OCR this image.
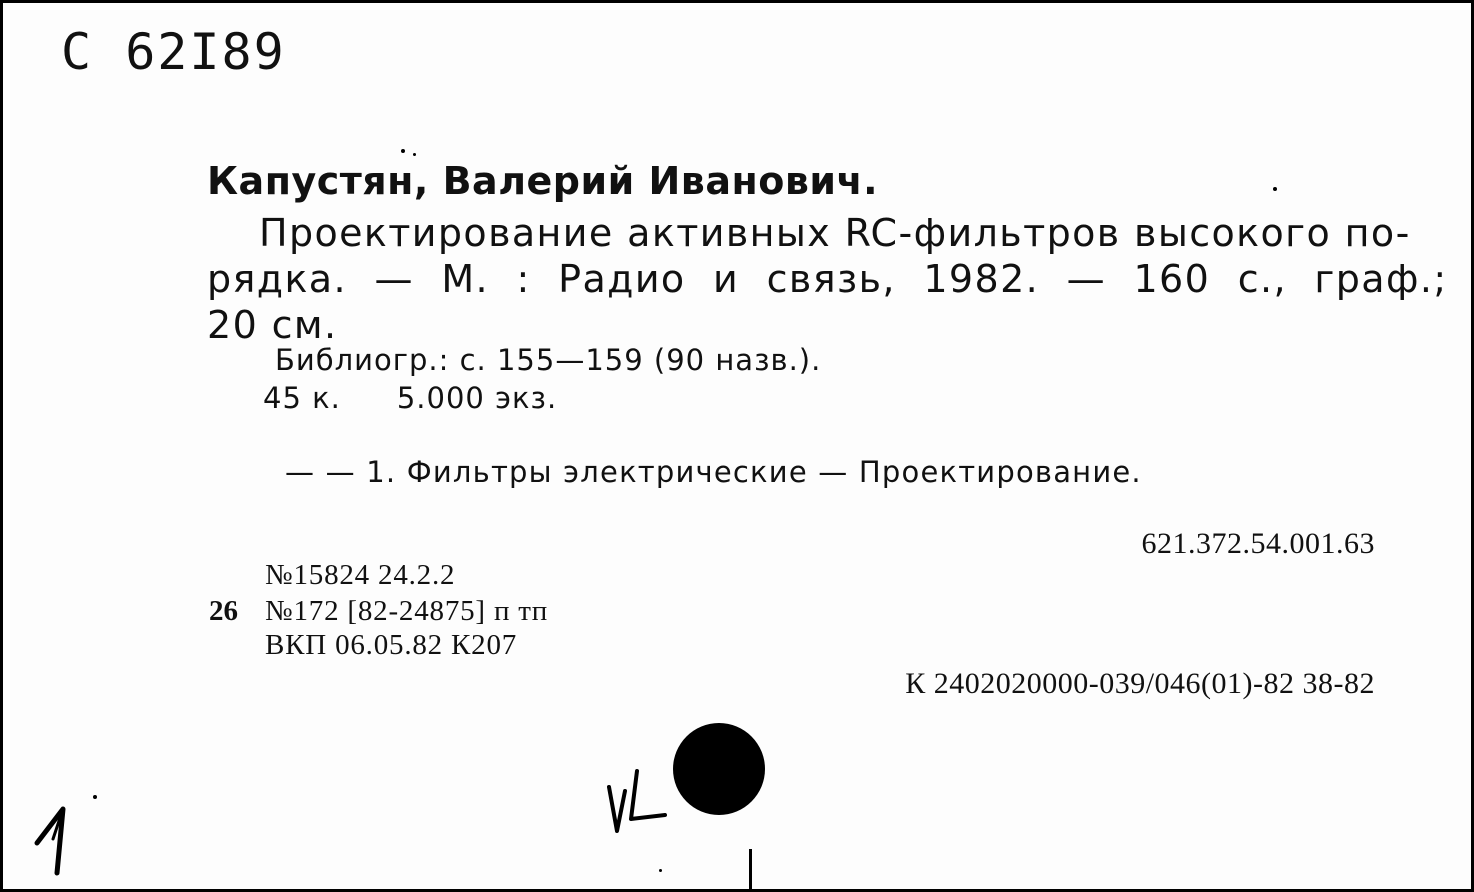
С 62I89
Капустян, Валерий Иванович.
Проектирование активных RC-фильтров высокого по-
рядка. — М. : Радио и связь, 1982. — 160 с., граф.;
20 см.
Библиогр.: с. 155—159 (90 назв.).
45 к. 5.000 экз.
— — 1. Фильтры электрические — Проектирование.
621.372.54.001.63
№15824 24.2.2
26 №172 [82-24875] п тп
ВКП 06.05.82 К207
К 2402020000-039/046(01)-82 38-82
